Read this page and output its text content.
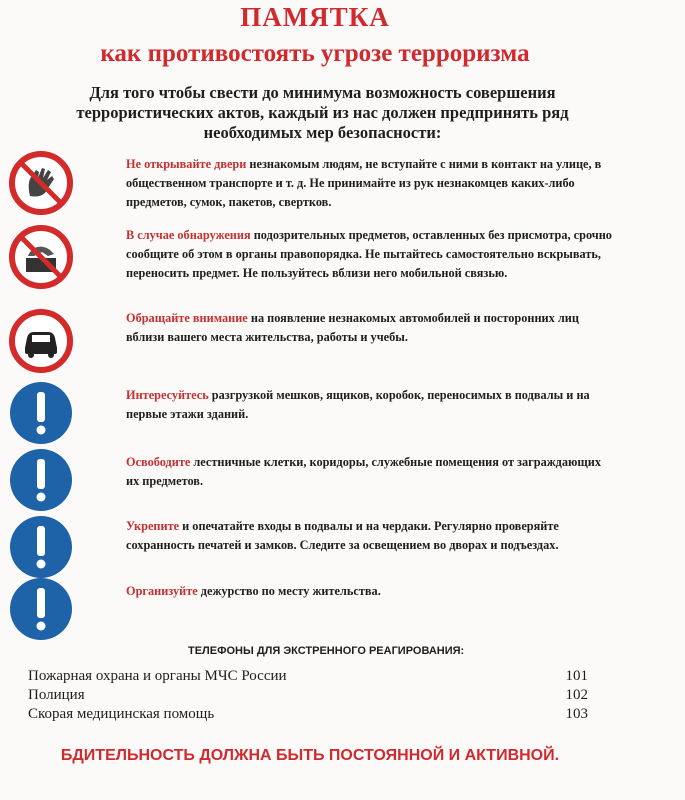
ПАМЯТКА
как противостоять угрозе терроризма
Для того чтобы свести до минимума возможность совершения террористических актов, каждый из нас должен предпринять ряд необходимых мер безопасности:
Не открывайте двери незнакомым людям, не вступайте с ними в контакт на улице, в общественном транспорте и т. д. Не принимайте из рук незнакомцев каких-либо предметов, сумок, пакетов, свертков.
В случае обнаружения подозрительных предметов, оставленных без присмотра, срочно сообщите об этом в органы правопорядка. Не пытайтесь самостоятельно вскрывать, переносить предмет. Не пользуйтесь вблизи него мобильной связью.
Обращайте внимание на появление незнакомых автомобилей и посторонних лиц вблизи вашего места жительства, работы и учебы.
Интересуйтесь разгрузкой мешков, ящиков, коробок, переносимых в подвалы и на первые этажи зданий.
Освободите лестничные клетки, коридоры, служебные помещения от заграждающих их предметов.
Укрепите и опечатайте входы в подвалы и на чердаки. Регулярно проверяйте сохранность печатей и замков. Следите за освещением во дворах и подъездах.
Организуйте дежурство по месту жительства.
ТЕЛЕФОНЫ ДЛЯ ЭКСТРЕННОГО РЕАГИРОВАНИЯ:
Пожарная охрана и органы МЧС России	101
Полиция	102
Скорая медицинская помощь	103
БДИТЕЛЬНОСТЬ ДОЛЖНА БЫТЬ ПОСТОЯННОЙ И АКТИВНОЙ.
